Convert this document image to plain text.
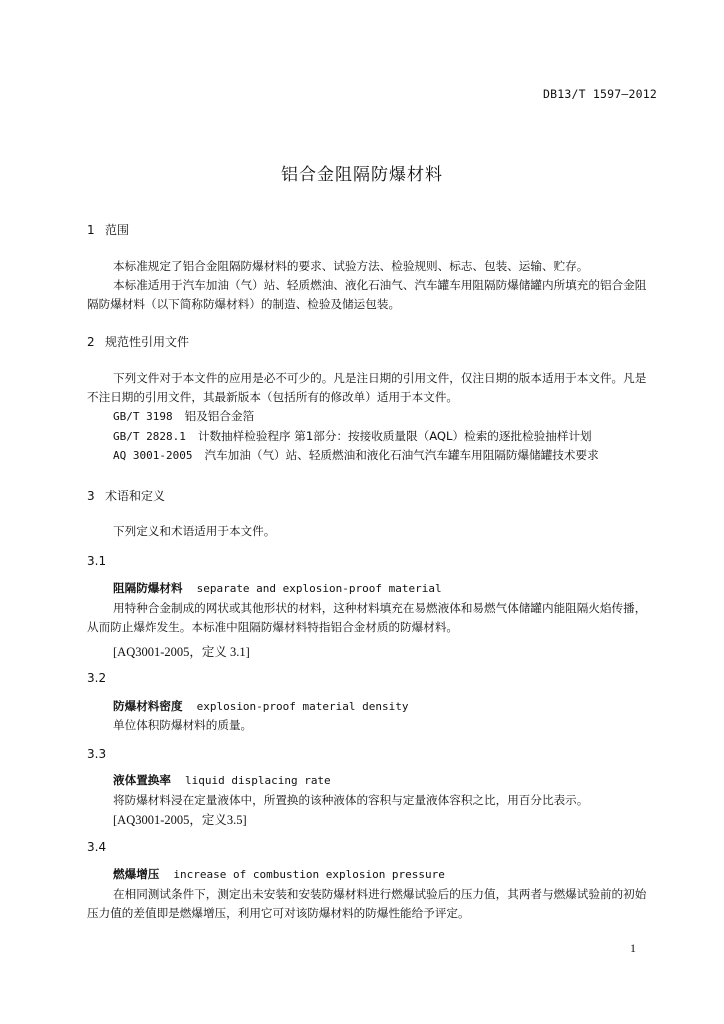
DB13/T 1597—2012
铝合金阻隔防爆材料
1 范围
本标准规定了铝合金阻隔防爆材料的要求、试验方法、检验规则、标志、包装、运输、贮存。
本标准适用于汽车加油（气）站、轻质燃油、液化石油气、汽车罐车用阻隔防爆储罐内所填充的铝合金阻隔防爆材料（以下简称防爆材料）的制造、检验及储运包装。
2 规范性引用文件
下列文件对于本文件的应用是必不可少的。凡是注日期的引用文件，仅注日期的版本适用于本文件。凡是不注日期的引用文件，其最新版本（包括所有的修改单）适用于本文件。
GB/T 3198 铝及铝合金箔
GB/T 2828.1 计数抽样检验程序 第1部分：按接收质量限（AQL）检索的逐批检验抽样计划
AQ 3001-2005 汽车加油（气）站、轻质燃油和液化石油气汽车罐车用阻隔防爆储罐技术要求
3 术语和定义
下列定义和术语适用于本文件。
3.1
阻隔防爆材料 separate and explosion-proof material
用特种合金制成的网状或其他形状的材料，这种材料填充在易燃液体和易燃气体储罐内能阻隔火焰传播，从而防止爆炸发生。本标准中阻隔防爆材料特指铝合金材质的防爆材料。
[AQ3001-2005，定义 3.1]
3.2
防爆材料密度 explosion-proof material density
单位体积防爆材料的质量。
3.3
液体置换率 liquid displacing rate
将防爆材料浸在定量液体中，所置换的该种液体的容积与定量液体容积之比，用百分比表示。
[AQ3001-2005，定义3.5]
3.4
燃爆增压 increase of combustion explosion pressure
在相同测试条件下，测定出未安装和安装防爆材料进行燃爆试验后的压力值，其两者与燃爆试验前的初始压力值的差值即是燃爆增压，利用它可对该防爆材料的防爆性能给予评定。
1
